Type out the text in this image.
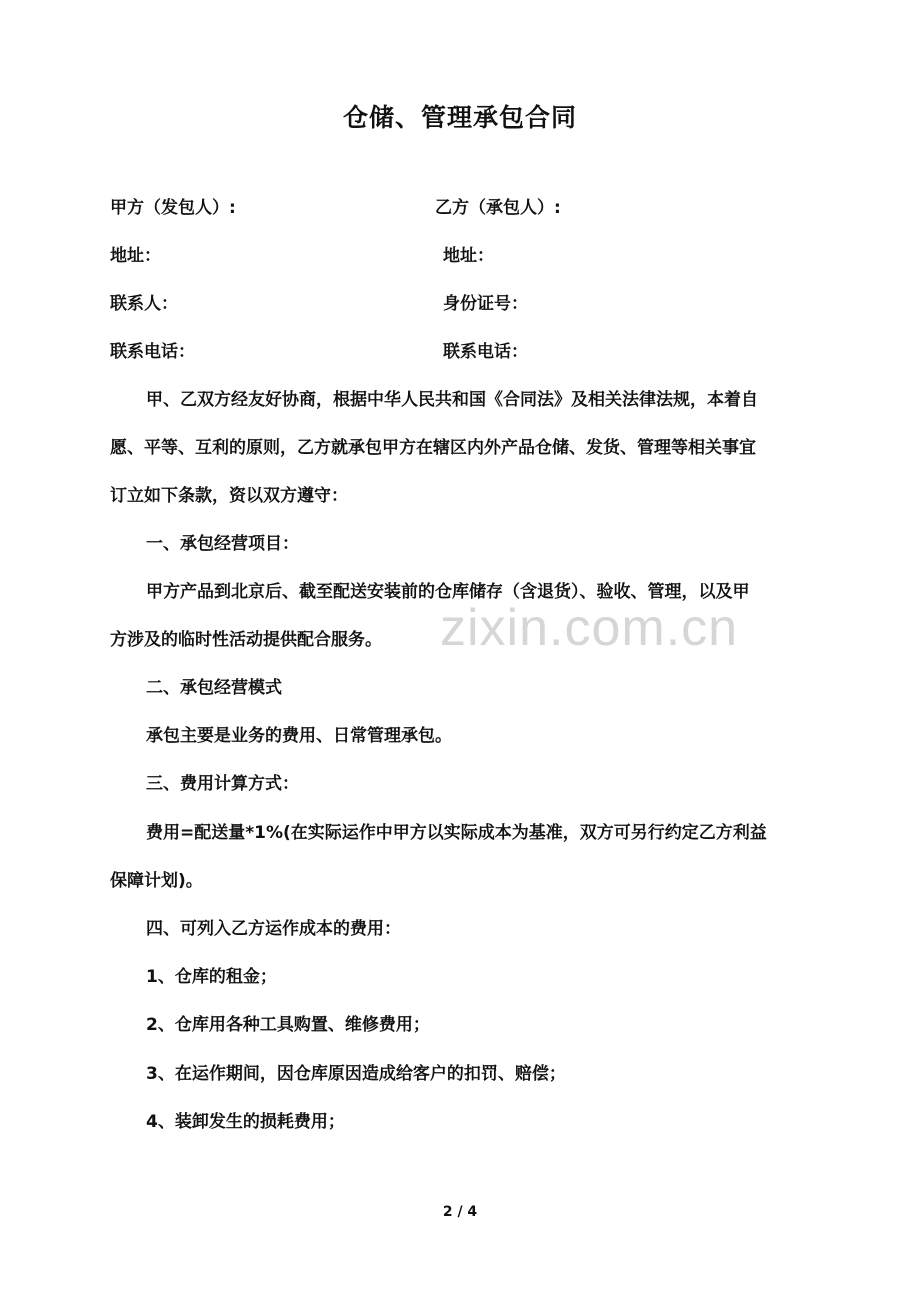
仓储、管理承包合同
甲方（发包人）:	乙方（承包人）:
地址：	地址：
联系人：	身份证号：
联系电话：	联系电话：
甲、乙双方经友好协商，根据中华人民共和国《合同法》及相关法律法规，本着自
愿、平等、互利的原则，乙方就承包甲方在辖区内外产品仓储、发货、管理等相关事宜
订立如下条款，资以双方遵守：
一、承包经营项目：
甲方产品到北京后、截至配送安装前的仓库储存（含退货）、验收、管理，以及甲
方涉及的临时性活动提供配合服务。 zixin.com.cn
二、承包经营模式
承包主要是业务的费用、日常管理承包。
三、费用计算方式：
费用=配送量*1%(在实际运作中甲方以实际成本为基准，双方可另行约定乙方利益
保障计划)。
四、可列入乙方运作成本的费用：
1、仓库的租金；
2、仓库用各种工具购置、维修费用；
3、在运作期间，因仓库原因造成给客户的扣罚、赔偿；
4、装卸发生的损耗费用；
2 / 4
